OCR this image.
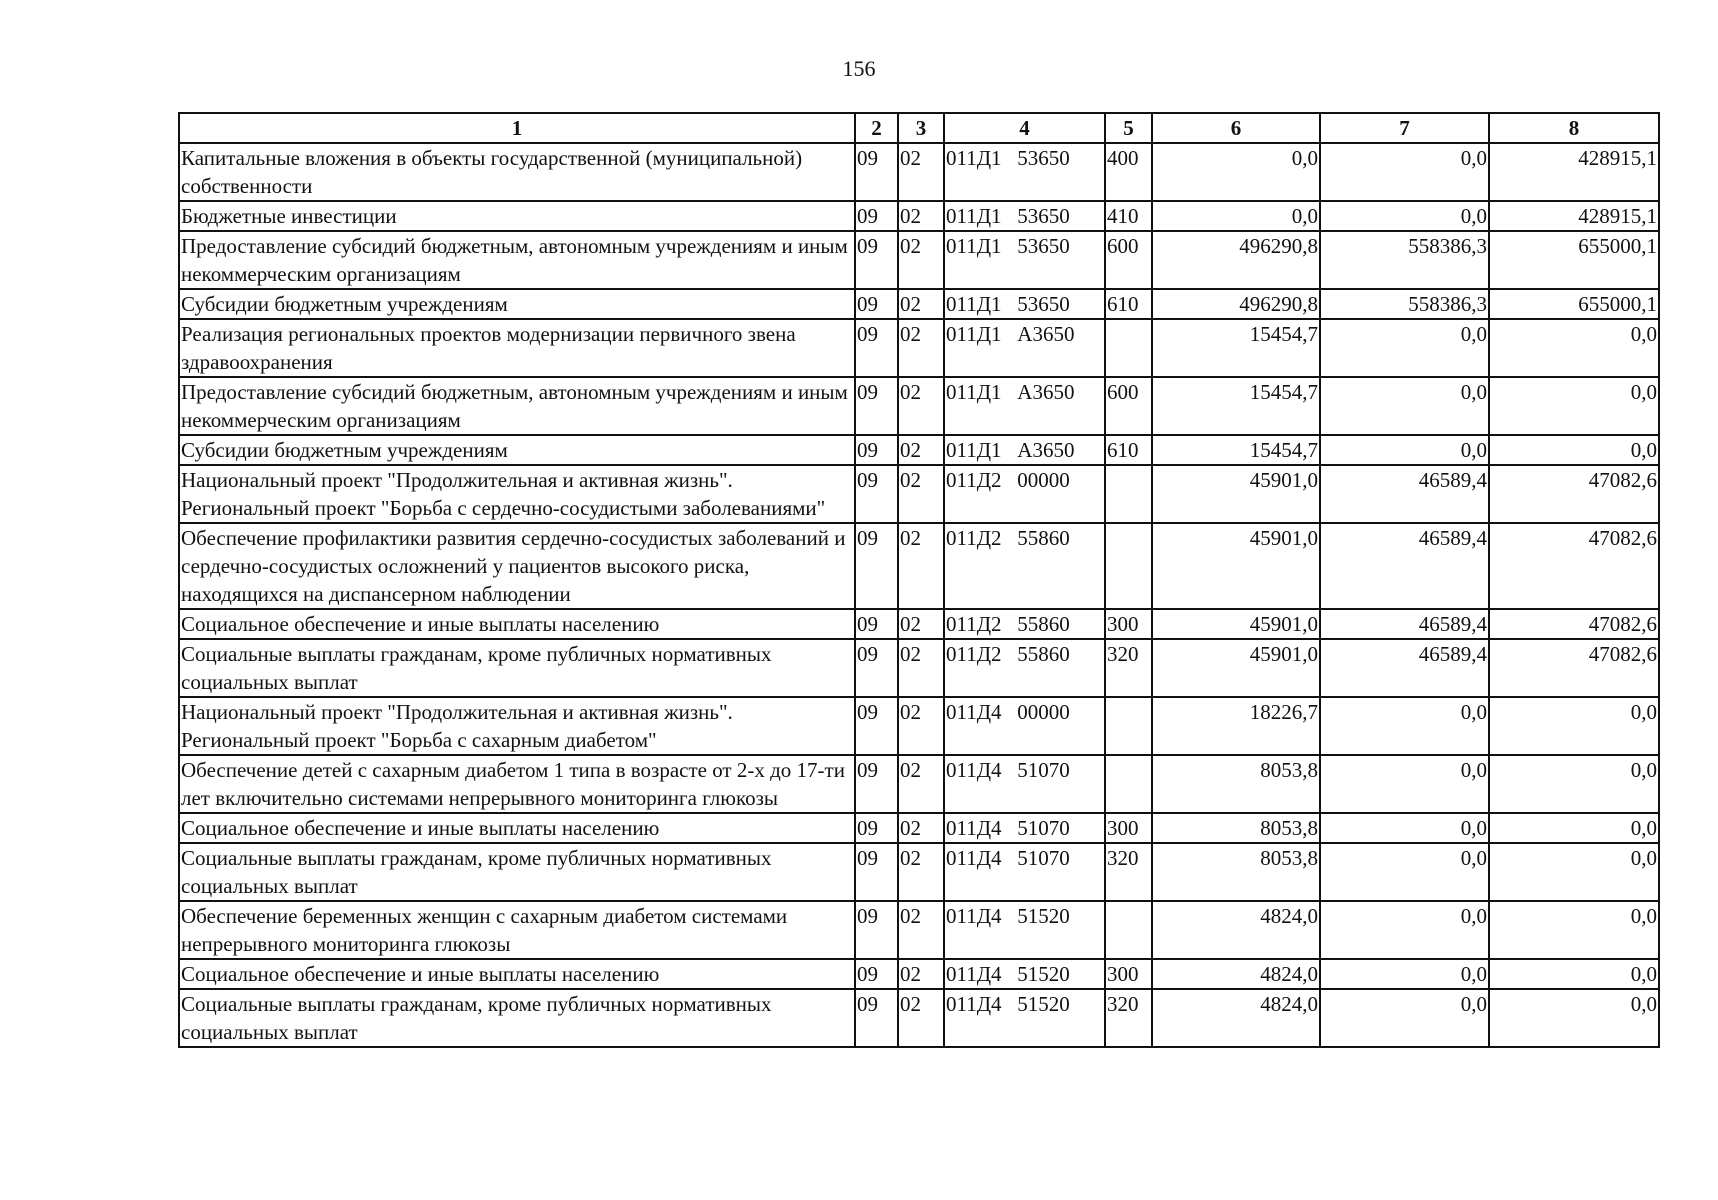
156
1	2	3	4	5	6	7	8
Капитальные вложения в объекты государственной (муниципальной) собственности	09	02	011Д1   53650	400	0,0	0,0	428915,1
Бюджетные инвестиции	09	02	011Д1   53650	410	0,0	0,0	428915,1
Предоставление субсидий бюджетным, автономным учреждениям и иным некоммерческим организациям	09	02	011Д1   53650	600	496290,8	558386,3	655000,1
Субсидии бюджетным учреждениям	09	02	011Д1   53650	610	496290,8	558386,3	655000,1
Реализация региональных проектов модернизации первичного звена здравоохранения	09	02	011Д1   А3650		15454,7	0,0	0,0
Предоставление субсидий бюджетным, автономным учреждениям и иным некоммерческим организациям	09	02	011Д1   А3650	600	15454,7	0,0	0,0
Субсидии бюджетным учреждениям	09	02	011Д1   А3650	610	15454,7	0,0	0,0
Национальный проект "Продолжительная и активная жизнь". Региональный проект "Борьба с сердечно-сосудистыми заболеваниями"	09	02	011Д2   00000		45901,0	46589,4	47082,6
Обеспечение профилактики развития сердечно-сосудистых заболеваний и сердечно-сосудистых осложнений у пациентов высокого риска, находящихся на диспансерном наблюдении	09	02	011Д2   55860		45901,0	46589,4	47082,6
Социальное обеспечение и иные выплаты населению	09	02	011Д2   55860	300	45901,0	46589,4	47082,6
Социальные выплаты гражданам, кроме публичных нормативных социальных выплат	09	02	011Д2   55860	320	45901,0	46589,4	47082,6
Национальный проект "Продолжительная и активная жизнь". Региональный проект "Борьба с сахарным диабетом"	09	02	011Д4   00000		18226,7	0,0	0,0
Обеспечение детей с сахарным диабетом 1 типа в возрасте от 2-х до 17-ти лет включительно системами непрерывного мониторинга глюкозы	09	02	011Д4   51070		8053,8	0,0	0,0
Социальное обеспечение и иные выплаты населению	09	02	011Д4   51070	300	8053,8	0,0	0,0
Социальные выплаты гражданам, кроме публичных нормативных социальных выплат	09	02	011Д4   51070	320	8053,8	0,0	0,0
Обеспечение беременных женщин с сахарным диабетом системами непрерывного мониторинга глюкозы	09	02	011Д4   51520		4824,0	0,0	0,0
Социальное обеспечение и иные выплаты населению	09	02	011Д4   51520	300	4824,0	0,0	0,0
Социальные выплаты гражданам, кроме публичных нормативных социальных выплат	09	02	011Д4   51520	320	4824,0	0,0	0,0
